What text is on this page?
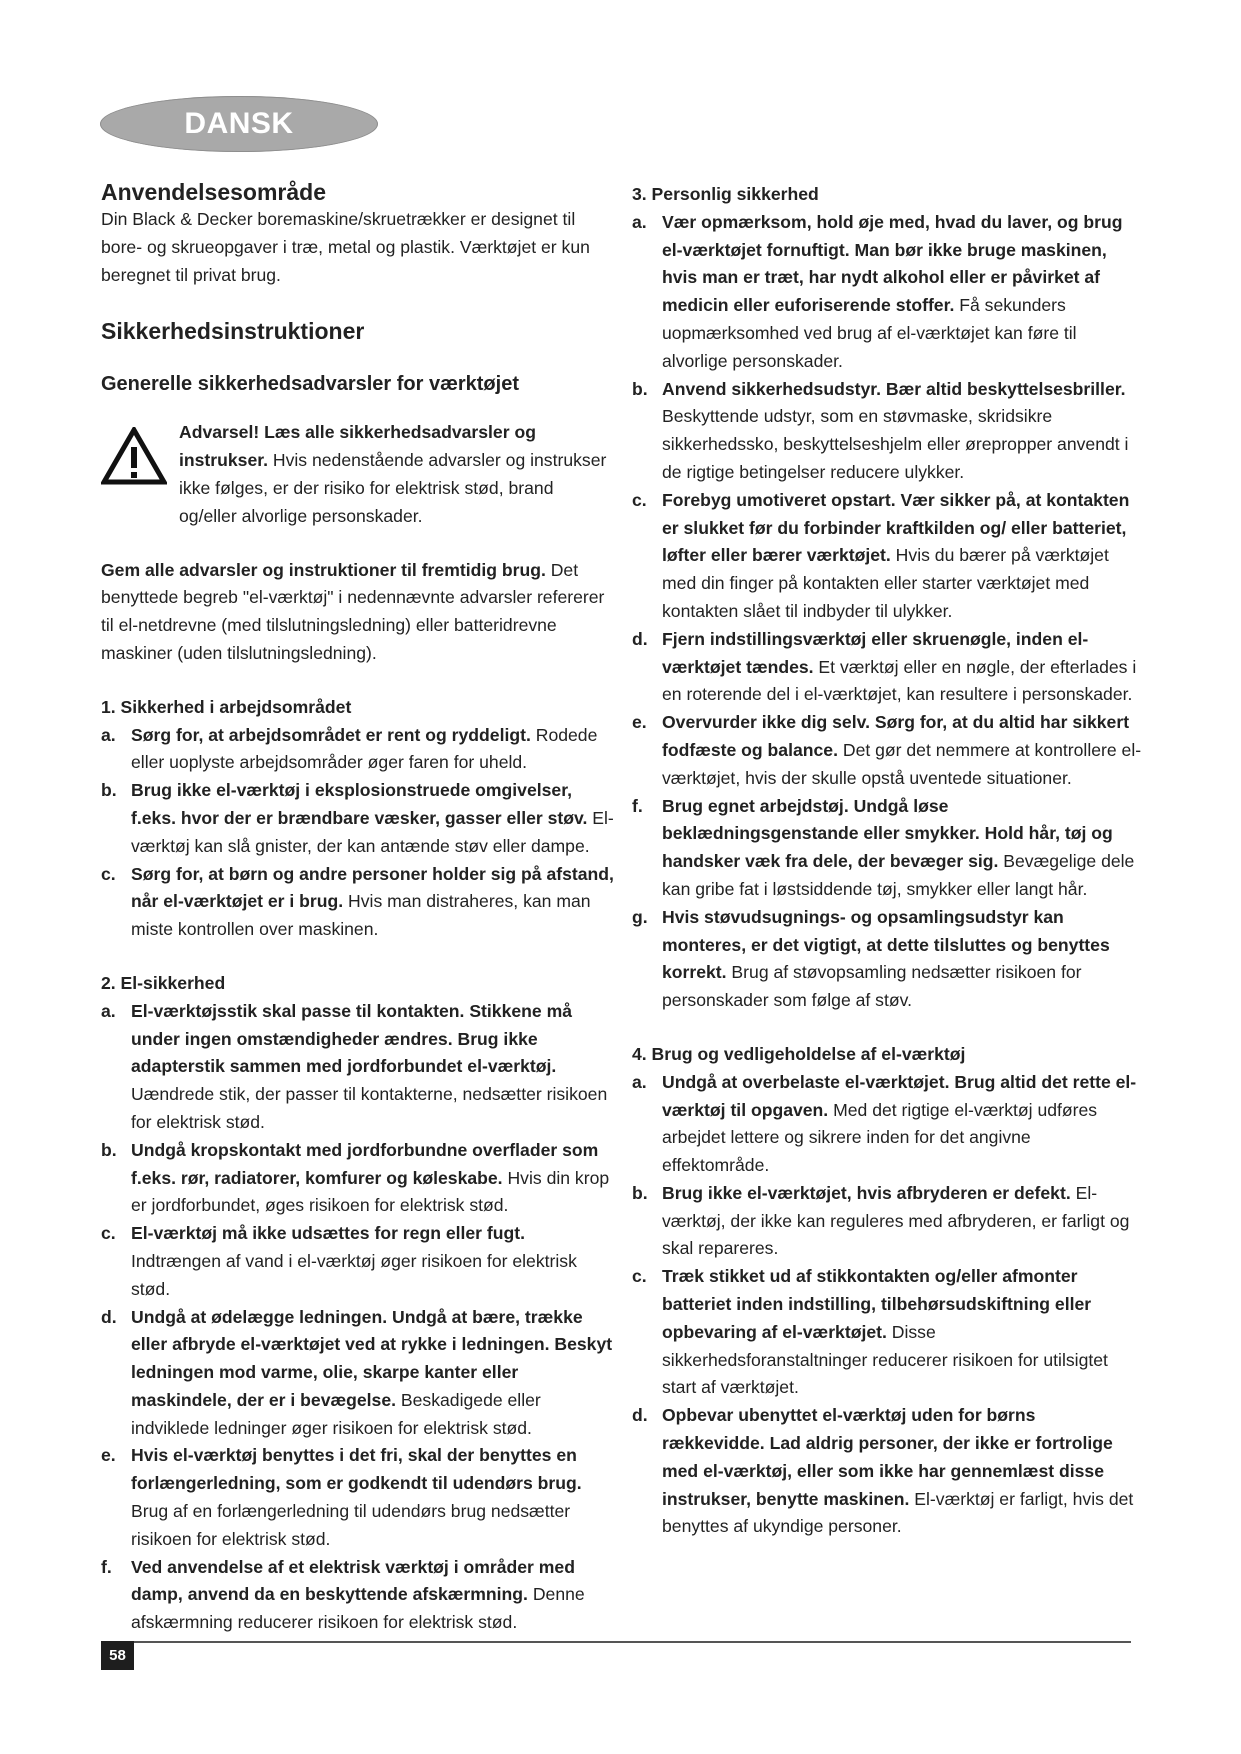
DANSK
Anvendelsesområde

Din Black & Decker boremaskine/skruetrækker er designet til bore- og skrueopgaver i træ, metal og plastik. Værktøjet er kun beregnet til privat brug.

Sikkerhedsinstruktioner
Generelle sikkerhedsadvarsler for værktøjet

Advarsel! Læs alle sikkerhedsadvarsler og instrukser. Hvis nedenstående advarsler og instrukser ikke følges, er der risiko for elektrisk stød, brand og/eller alvorlige personskader.

Gem alle advarsler og instruktioner til fremtidig brug. Det benyttede begreb "el-værktøj" i nedennævnte advarsler refererer til el-netdrevne (med tilslutningsledning) eller batteridrevne maskiner (uden tilslutningsledning).

1. Sikkerhed i arbejdsområdet

a. Sørg for, at arbejdsområdet er rent og ryddeligt. Rodede eller uoplyste arbejdsområder øger faren for uheld.
b. Brug ikke el-værktøj i eksplosionstruede omgivelser, f.eks. hvor der er brændbare væsker, gasser eller støv. El-værktøj kan slå gnister, der kan antænde støv eller dampe.
c. Sørg for, at børn og andre personer holder sig på afstand, når el-værktøjet er i brug. Hvis man distraheres, kan man miste kontrollen over maskinen.

2. El-sikkerhed

a. El-værktøjsstik skal passe til kontakten. Stikkene må under ingen omstændigheder ændres. Brug ikke adapterstik sammen med jordforbundet el-værktøj. Uændrede stik, der passer til kontakterne, nedsætter risikoen for elektrisk stød.
b. Undgå kropskontakt med jordforbundne overflader som f.eks. rør, radiatorer, komfurer og køleskabe. Hvis din krop er jordforbundet, øges risikoen for elektrisk stød.
c. El-værktøj må ikke udsættes for regn eller fugt. Indtrængen af vand i el-værktøj øger risikoen for elektrisk stød.
d. Undgå at ødelægge ledningen. Undgå at bære, trække eller afbryde el-værktøjet ved at rykke i ledningen. Beskyt ledningen mod varme, olie, skarpe kanter eller maskindele, der er i bevægelse. Beskadigede eller indviklede ledninger øger risikoen for elektrisk stød.
e. Hvis el-værktøj benyttes i det fri, skal der benyttes en forlængerledning, som er godkendt til udendørs brug. Brug af en forlængerledning til udendørs brug nedsætter risikoen for elektrisk stød.
f. Ved anvendelse af et elektrisk værktøj i områder med damp, anvend da en beskyttende afskærmning. Denne afskærmning reducerer risikoen for elektrisk stød.

3. Personlig sikkerhed

a. Vær opmærksom, hold øje med, hvad du laver, og brug el-værktøjet fornuftigt. Man bør ikke bruge maskinen, hvis man er træt, har nydt alkohol eller er påvirket af medicin eller euforiserende stoffer. Få sekunders uopmærksomhed ved brug af el-værktøjet kan føre til alvorlige personskader.
b. Anvend sikkerhedsudstyr. Bær altid beskyttelsesbriller. Beskyttende udstyr, som en støvmaske, skridsikre sikkerhedssko, beskyttelseshjelm eller ørepropper anvendt i de rigtige betingelser reducere ulykker.
c. Forebyg umotiveret opstart. Vær sikker på, at kontakten er slukket før du forbinder kraftkilden og/ eller batteriet, løfter eller bærer værktøjet. Hvis du bærer på værktøjet med din finger på kontakten eller starter værktøjet med kontakten slået til indbyder til ulykker.
d. Fjern indstillingsværktøj eller skruenøgle, inden el-værktøjet tændes. Et værktøj eller en nøgle, der efterlades i en roterende del i el-værktøjet, kan resultere i personskader.
e. Overvurder ikke dig selv. Sørg for, at du altid har sikkert fodfæste og balance. Det gør det nemmere at kontrollere el-værktøjet, hvis der skulle opstå uventede situationer.
f. Brug egnet arbejdstøj. Undgå løse beklædningsgenstande eller smykker. Hold hår, tøj og handsker væk fra dele, der bevæger sig. Bevægelige dele kan gribe fat i løstsiddende tøj, smykker eller langt hår.
g. Hvis støvudsugnings- og opsamlingsudstyr kan monteres, er det vigtigt, at dette tilsluttes og benyttes korrekt. Brug af støvopsamling nedsætter risikoen for personskader som følge af støv.

4. Brug og vedligeholdelse af el-værktøj

a. Undgå at overbelaste el-værktøjet. Brug altid det rette el-værktøj til opgaven. Med det rigtige el-værktøj udføres arbejdet lettere og sikrere inden for det angivne effektområde.
b. Brug ikke el-værktøjet, hvis afbryderen er defekt. El-værktøj, der ikke kan reguleres med afbryderen, er farligt og skal repareres.
c. Træk stikket ud af stikkontakten og/eller afmonter batteriet inden indstilling, tilbehørsudskiftning eller opbevaring af el-værktøjet. Disse sikkerhedsforanstaltninger reducerer risikoen for utilsigtet start af værktøjet.
d. Opbevar ubenyttet el-værktøj uden for børns rækkevidde. Lad aldrig personer, der ikke er fortrolige med el-værktøj, eller som ikke har gennemlæst disse instrukser, benytte maskinen. El-værktøj er farligt, hvis det benyttes af ukyndige personer.
58
